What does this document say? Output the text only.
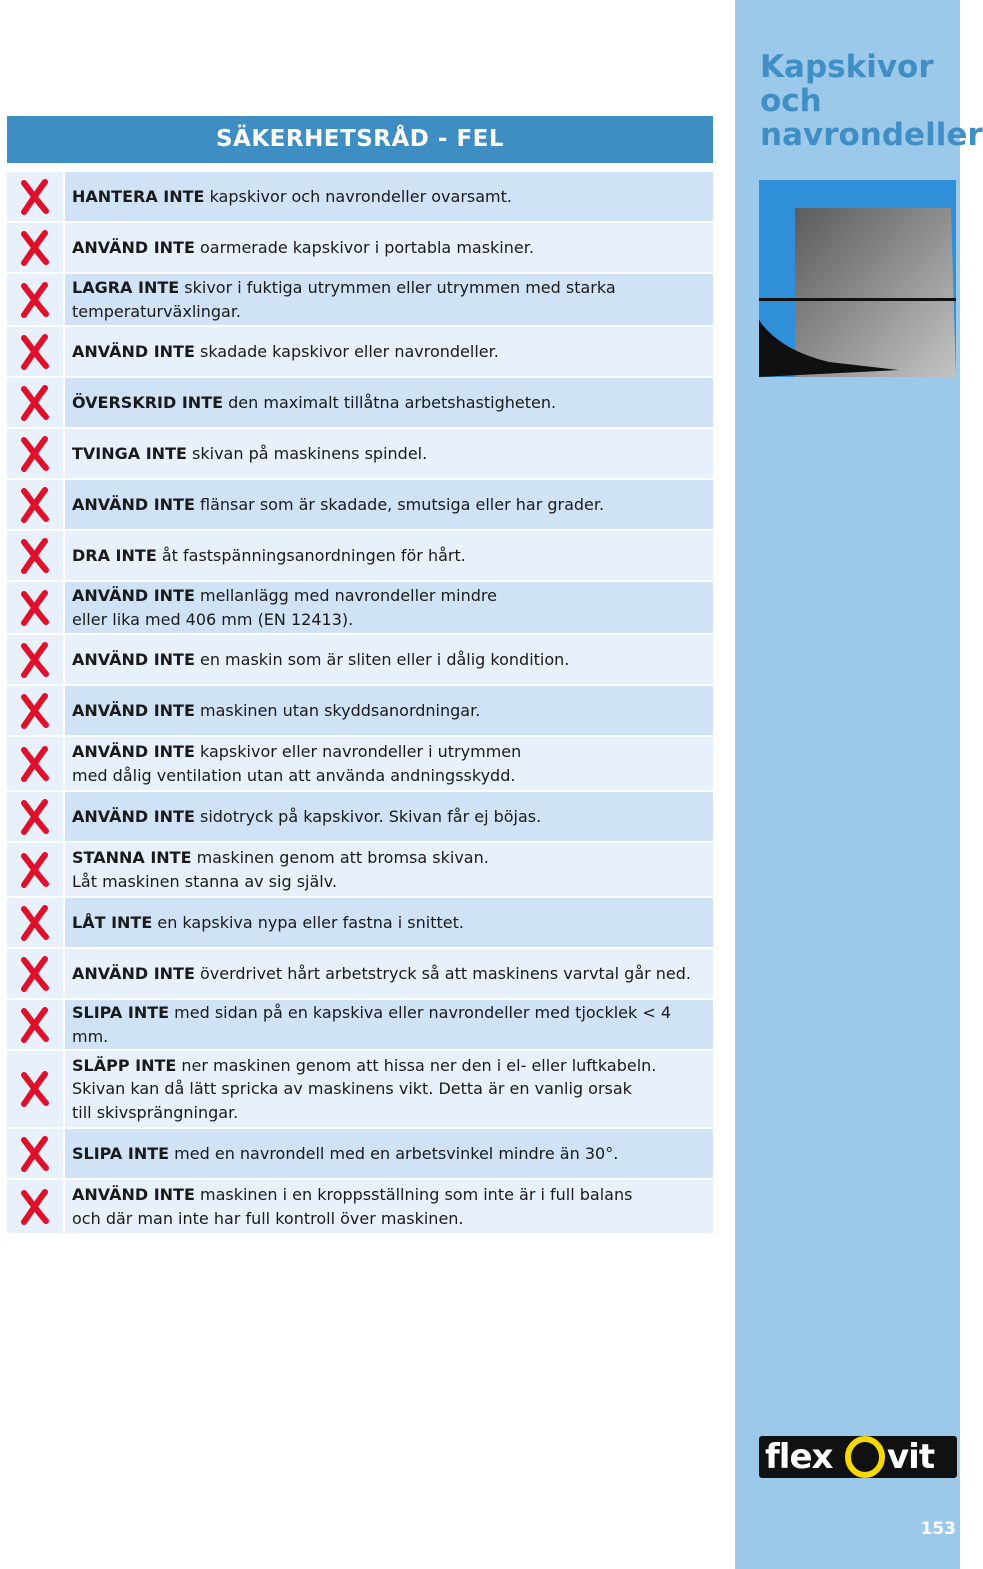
Kapskivor
och
navrondeller
SÄKERHETSRÅD - FEL
HANTERA INTE kapskivor och navrondeller ovarsamt.
ANVÄND INTE oarmerade kapskivor i portabla maskiner.
LAGRA INTE skivor i fuktiga utrymmen eller utrymmen med starka
temperaturväxlingar.
ANVÄND INTE skadade kapskivor eller navrondeller.
ÖVERSKRID INTE den maximalt tillåtna arbetshastigheten.
TVINGA INTE skivan på maskinens spindel.
ANVÄND INTE flänsar som är skadade, smutsiga eller har grader.
DRA INTE åt fastspänningsanordningen för hårt.
ANVÄND INTE mellanlägg med navrondeller mindre
eller lika med 406 mm (EN 12413).
ANVÄND INTE en maskin som är sliten eller i dålig kondition.
ANVÄND INTE maskinen utan skyddsanordningar.
ANVÄND INTE kapskivor eller navrondeller i utrymmen
med dålig ventilation utan att använda andningsskydd.
ANVÄND INTE sidotryck på kapskivor. Skivan får ej böjas.
STANNA INTE maskinen genom att bromsa skivan.
Låt maskinen stanna av sig själv.
LÅT INTE en kapskiva nypa eller fastna i snittet.
ANVÄND INTE överdrivet hårt arbetstryck så att maskinens varvtal går ned.
SLIPA INTE med sidan på en kapskiva eller navrondeller med tjocklek < 4 mm.
SLÄPP INTE ner maskinen genom att hissa ner den i el- eller luftkabeln.
Skivan kan då lätt spricka av maskinens vikt. Detta är en vanlig orsak
till skivsprängningar.
SLIPA INTE med en navrondell med en arbetsvinkel mindre än 30°.
ANVÄND INTE maskinen i en kroppsställning som inte är i full balans
och där man inte har full kontroll över maskinen.
flex vit
153
